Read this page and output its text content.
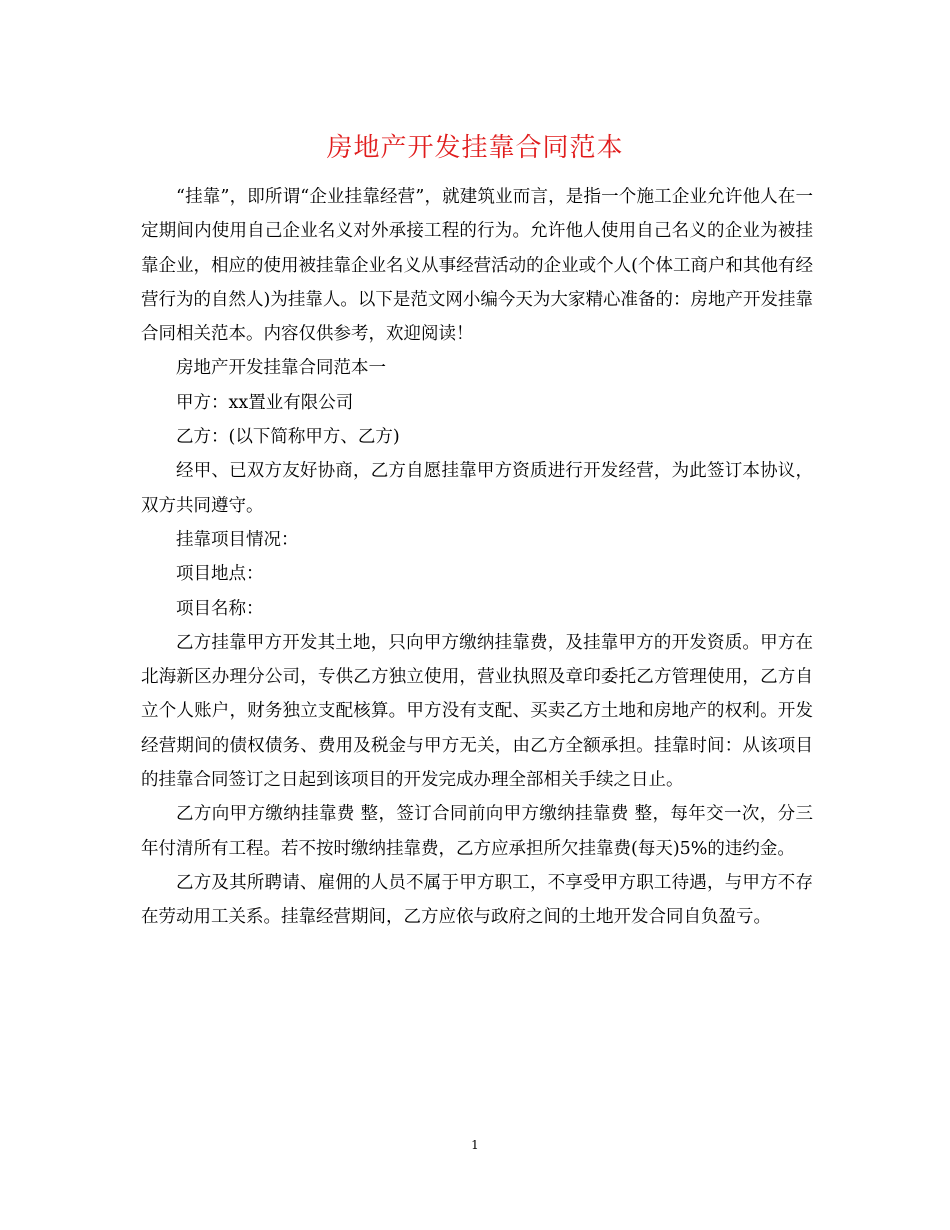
房地产开发挂靠合同范本

“挂靠”，即所谓“企业挂靠经营”，就建筑业而言，是指一个施工企业允许他人在一定期间内使用自己企业名义对外承接工程的行为。允许他人使用自己名义的企业为被挂靠企业，相应的使用被挂靠企业名义从事经营活动的企业或个人(个体工商户和其他有经营行为的自然人)为挂靠人。以下是范文网小编今天为大家精心准备的：房地产开发挂靠合同相关范本。内容仅供参考，欢迎阅读！

房地产开发挂靠合同范本一

甲方：xx置业有限公司

乙方：(以下简称甲方、乙方)

经甲、已双方友好协商，乙方自愿挂靠甲方资质进行开发经营，为此签订本协议，双方共同遵守。

挂靠项目情况：

项目地点：

项目名称：

乙方挂靠甲方开发其土地，只向甲方缴纳挂靠费，及挂靠甲方的开发资质。甲方在北海新区办理分公司，专供乙方独立使用，营业执照及章印委托乙方管理使用，乙方自立个人账户，财务独立支配核算。甲方没有支配、买卖乙方土地和房地产的权利。开发经营期间的债权债务、费用及税金与甲方无关，由乙方全额承担。挂靠时间：从该项目的挂靠合同签订之日起到该项目的开发完成办理全部相关手续之日止。

乙方向甲方缴纳挂靠费 整，签订合同前向甲方缴纳挂靠费 整，每年交一次，分三年付清所有工程。若不按时缴纳挂靠费，乙方应承担所欠挂靠费(每天)5%的违约金。

乙方及其所聘请、雇佣的人员不属于甲方职工，不享受甲方职工待遇，与甲方不存在劳动用工关系。挂靠经营期间，乙方应依与政府之间的土地开发合同自负盈亏。

1
